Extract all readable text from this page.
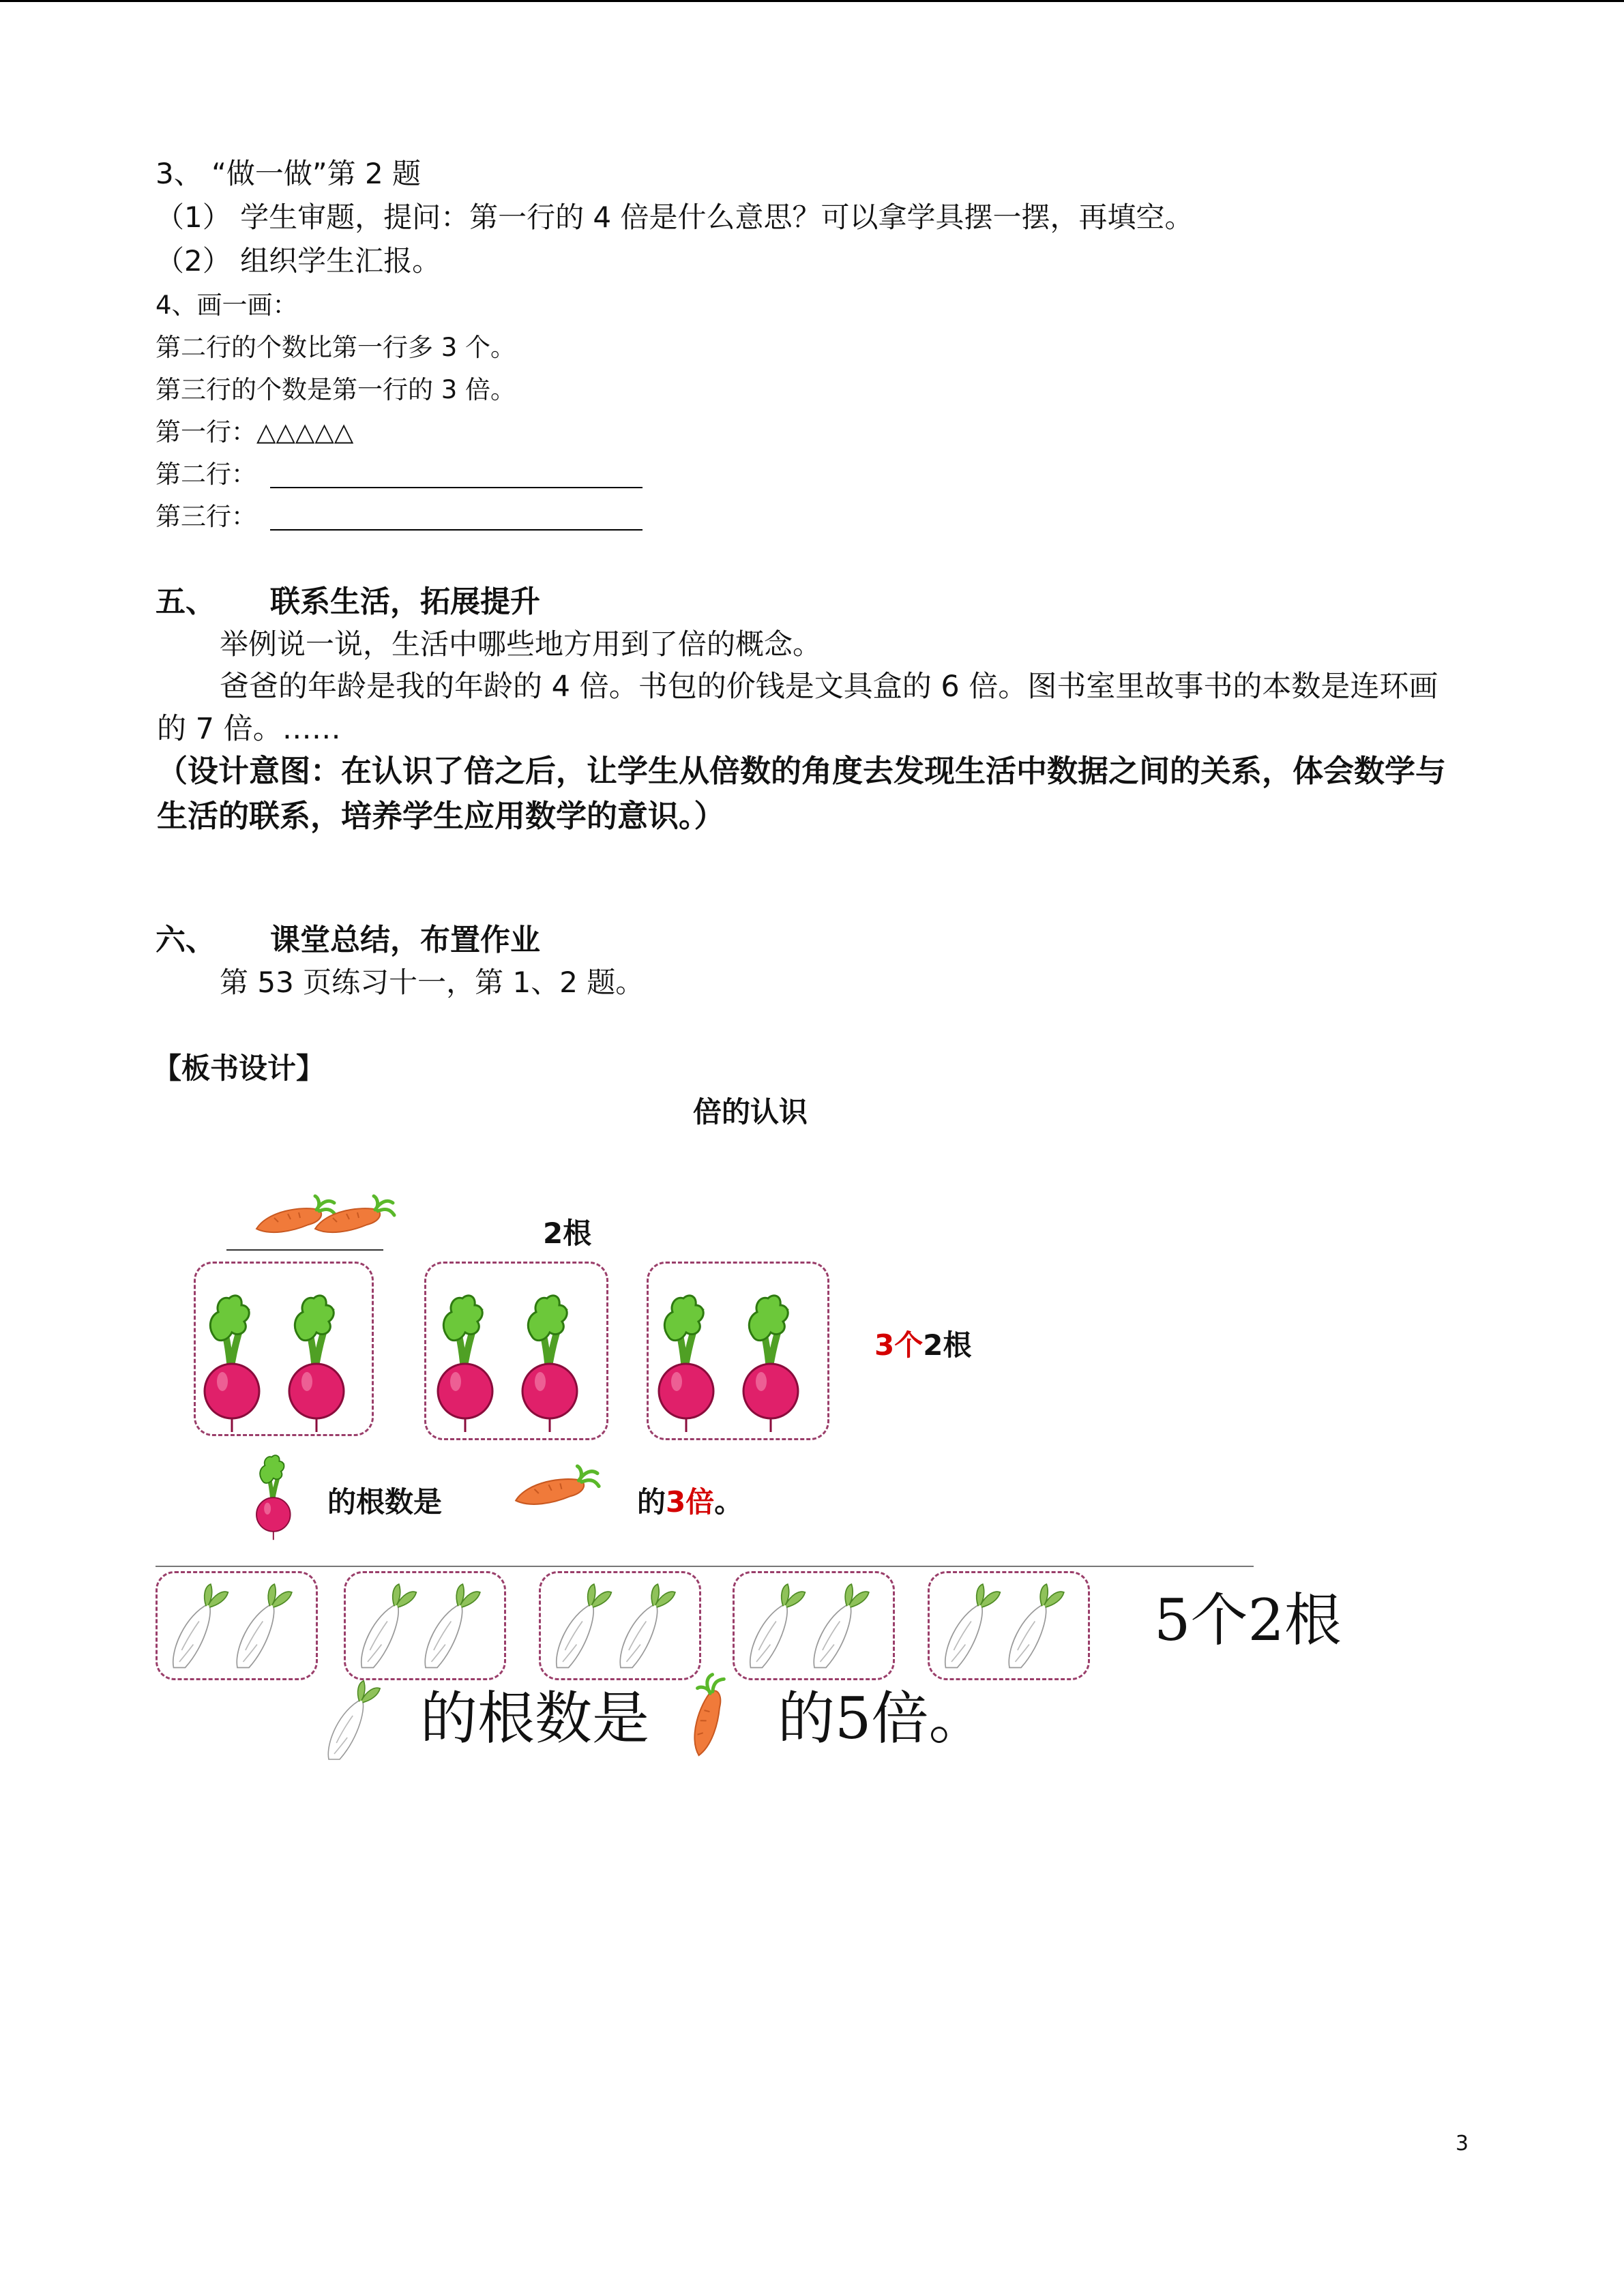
3、 “做一做”第 2 题
（1） 学生审题，提问：第一行的 4 倍是什么意思？可以拿学具摆一摆，再填空。
（2） 组织学生汇报。
4、画一画：
第二行的个数比第一行多 3 个。
第三行的个数是第一行的 3 倍。
第一行：△△△△△
第二行：
第三行：
五、 联系生活，拓展提升
举例说一说，生活中哪些地方用到了倍的概念。
爸爸的年龄是我的年龄的 4 倍。书包的价钱是文具盒的 6 倍。图书室里故事书的本数是连环画的 7 倍。……
（设计意图：在认识了倍之后，让学生从倍数的角度去发现生活中数据之间的关系，体会数学与生活的联系，培养学生应用数学的意识。）
六、 课堂总结，布置作业
第 53 页练习十一，第 1、2 题。
【板书设计】
倍的认识
2根
3个2根
的根数是	的3倍。
5个2根
的根数是 的5倍。
3
